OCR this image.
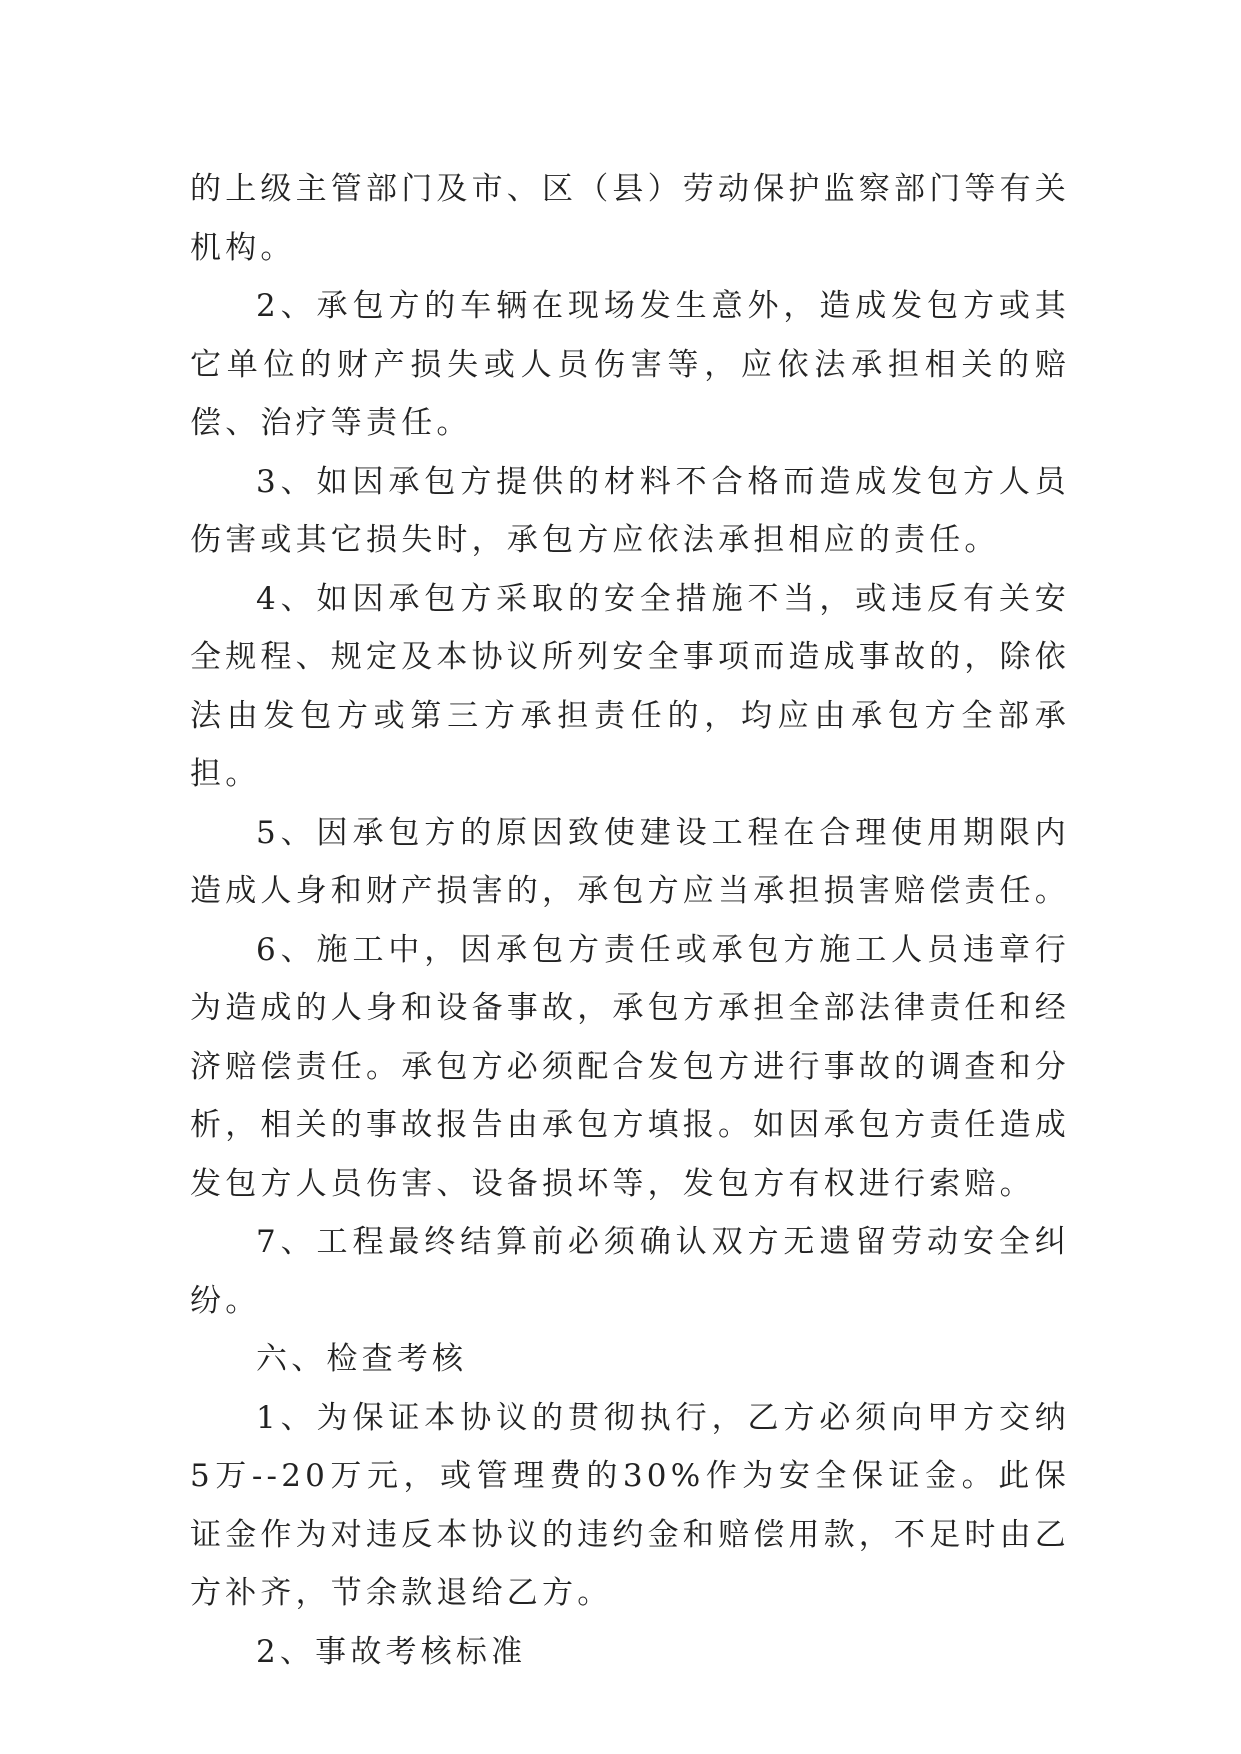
的上级主管部门及市、区（县）劳动保护监察部门等有关机构。

2、承包方的车辆在现场发生意外，造成发包方或其它单位的财产损失或人员伤害等，应依法承担相关的赔偿、治疗等责任。

3、如因承包方提供的材料不合格而造成发包方人员伤害或其它损失时，承包方应依法承担相应的责任。

4、如因承包方采取的安全措施不当，或违反有关安全规程、规定及本协议所列安全事项而造成事故的，除依法由发包方或第三方承担责任的，均应由承包方全部承担。

5、因承包方的原因致使建设工程在合理使用期限内造成人身和财产损害的，承包方应当承担损害赔偿责任。

6、施工中，因承包方责任或承包方施工人员违章行为造成的人身和设备事故，承包方承担全部法律责任和经济赔偿责任。承包方必须配合发包方进行事故的调查和分析，相关的事故报告由承包方填报。如因承包方责任造成发包方人员伤害、设备损坏等，发包方有权进行索赔。

7、工程最终结算前必须确认双方无遗留劳动安全纠纷。

六、检查考核

1、为保证本协议的贯彻执行，乙方必须向甲方交纳5万--20万元，或管理费的30%作为安全保证金。此保证金作为对违反本协议的违约金和赔偿用款，不足时由乙方补齐，节余款退给乙方。

2、事故考核标准
